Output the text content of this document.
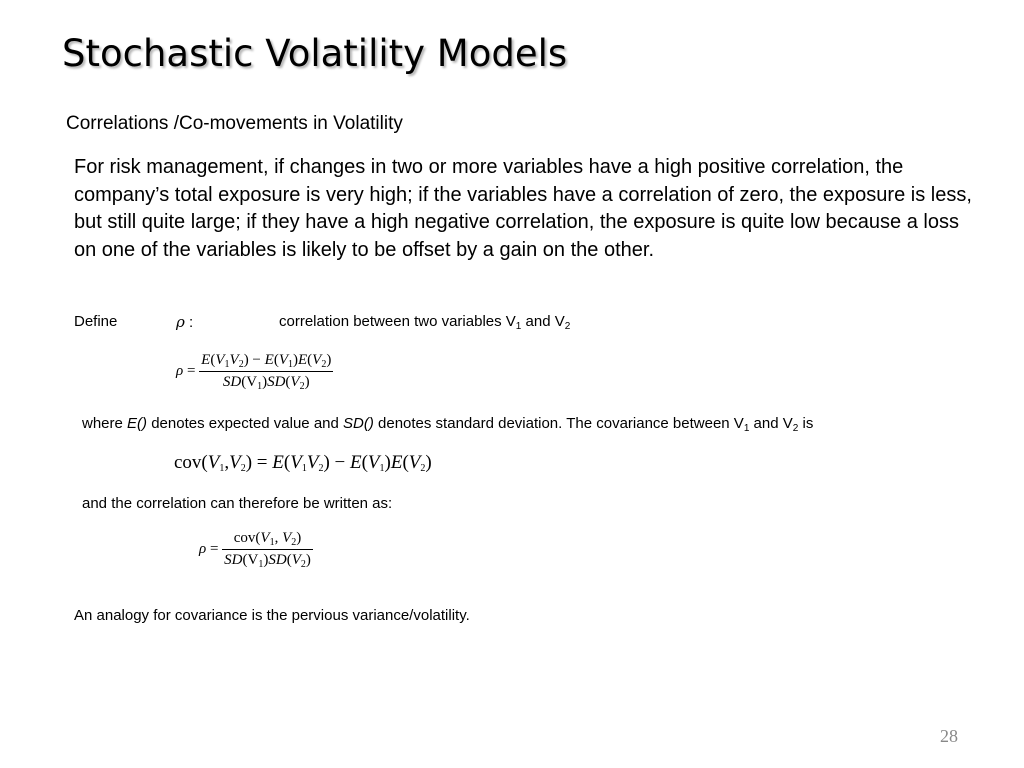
Stochastic Volatility Models
Correlations /Co-movements in Volatility
For risk management, if changes in two or more variables have a high positive correlation, the company’s total exposure is very high; if the variables have a correlation of zero, the exposure is less, but still quite large; if they have a high negative correlation, the exposure is quite low because a loss on one of the variables is likely to be offset by a gain on the other.
Define	ρ :	correlation between two variables $V_1$ and $V_2$
$\rho = \frac{E(V_1V_2) - E(V_1)E(V_2)}{SD(V_1)SD(V_2)}$
where E() denotes expected value and SD() denotes standard deviation. The covariance between $V_1$ and $V_2$ is
$cov(V_1,V_2) = E(V_1V_2) - E(V_1)E(V_2)$
and the correlation can therefore be written as:
$\rho = \frac{cov(V_1, V_2)}{SD(V_1)SD(V_2)}$
An analogy for covariance is the pervious variance/volatility.
28
